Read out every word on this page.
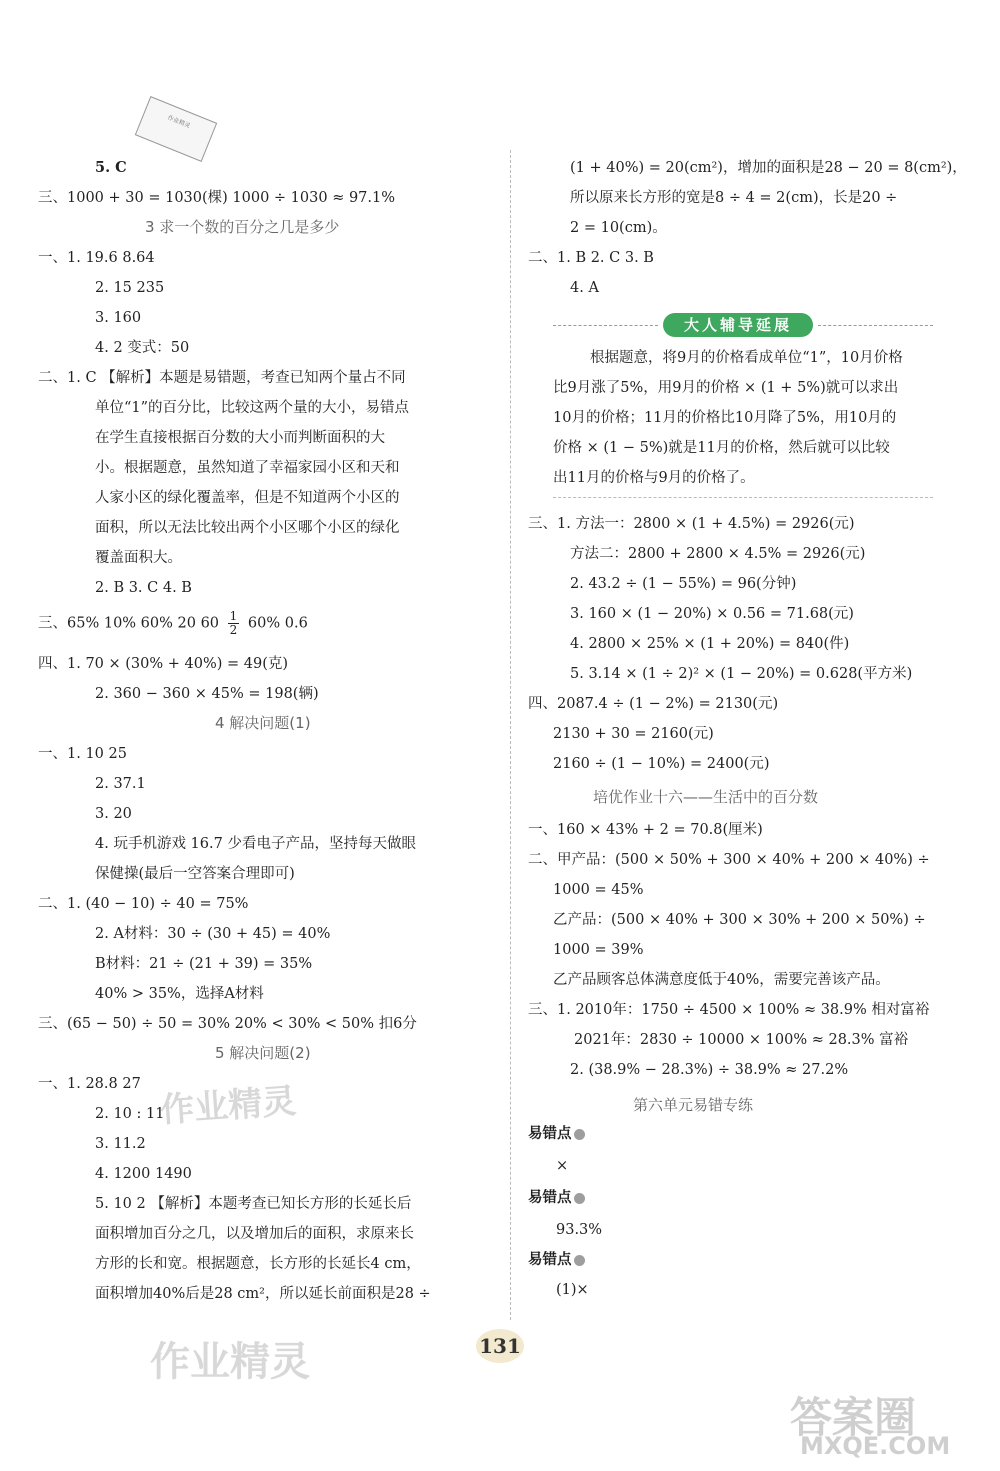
5. C
三、1000 + 30 = 1030(棵) 1000 ÷ 1030 ≈ 97.1%
一、1. 19.6 8.64
2. 15 235
3. 160
4. 2 变式：50
二、1. C 【解析】本题是易错题，考查已知两个量占不同
单位“1”的百分比，比较这两个量的大小，易错点
在学生直接根据百分数的大小而判断面积的大
小。根据题意，虽然知道了幸福家园小区和天和
人家小区的绿化覆盖率，但是不知道两个小区的
面积，所以无法比较出两个小区哪个小区的绿化
覆盖面积大。
2. B 3. C 4. B
四、1. 70 × (30% + 40%) = 49(克)
2. 360 − 360 × 45% = 198(辆)
一、1. 10 25
2. 37.1
3. 20
4. 玩手机游戏 16.7 少看电子产品，坚持每天做眼
保健操(最后一空答案合理即可)
二、1. (40 − 10) ÷ 40 = 75%
2. A材料：30 ÷ (30 + 45) = 40%
B材料：21 ÷ (21 + 39) = 35%
40% > 35%，选择A材料
三、(65 − 50) ÷ 50 = 30% 20% < 30% < 50% 扣6分
一、1. 28.8 27
2. 10 : 11
3. 11.2
4. 1200 1490
5. 10 2 【解析】本题考查已知长方形的长延长后
面积增加百分之几，以及增加后的面积，求原来长
方形的长和宽。根据题意，长方形的长延长4 cm，
面积增加40%后是28 cm²，所以延长前面积是28 ÷
3 求一个数的百分之几是多少
4 解决问题(1)
5 解决问题(2)
(1 + 40%) = 20(cm²)，增加的面积是28 − 20 = 8(cm²)，
所以原来长方形的宽是8 ÷ 4 = 2(cm)，长是20 ÷
2 = 10(cm)。
二、1. B 2. C 3. B
4. A
根据题意，将9月的价格看成单位“1”，10月价格
比9月涨了5%，用9月的价格 × (1 + 5%)就可以求出
10月的价格；11月的价格比10月降了5%，用10月的
价格 × (1 − 5%)就是11月的价格，然后就可以比较
出11月的价格与9月的价格了。
三、1. 方法一：2800 × (1 + 4.5%) = 2926(元)
方法二：2800 + 2800 × 4.5% = 2926(元)
2. 43.2 ÷ (1 − 55%) = 96(分钟)
3. 160 × (1 − 20%) × 0.56 = 71.68(元)
4. 2800 × 25% × (1 + 20%) = 840(件)
5. 3.14 × (1 ÷ 2)² × (1 − 20%) = 0.628(平方米)
四、2087.4 ÷ (1 − 2%) = 2130(元)
2130 + 30 = 2160(元)
2160 ÷ (1 − 10%) = 2400(元)
一、160 × 43% + 2 = 70.8(厘米)
二、甲产品：(500 × 50% + 300 × 40% + 200 × 40%) ÷
1000 = 45%
乙产品：(500 × 40% + 300 × 30% + 200 × 50%) ÷
1000 = 39%
乙产品顾客总体满意度低于40%，需要完善该产品。
三、1. 2010年：1750 ÷ 4500 × 100% ≈ 38.9% 相对富裕
2021年：2830 ÷ 10000 × 100% ≈ 28.3% 富裕
2. (38.9% − 28.3%) ÷ 38.9% ≈ 27.2%
×
93.3%
(1)×
培优作业十六——生活中的百分数
第六单元易错专练
易错点
易错点
易错点
作业精灵
三、65% 10% 60% 20 $60 \frac{1}{2} 60\%$ 0.6
大人辅导延展
131
作业精灵
作业精灵
答案圈
MXQE.COM
